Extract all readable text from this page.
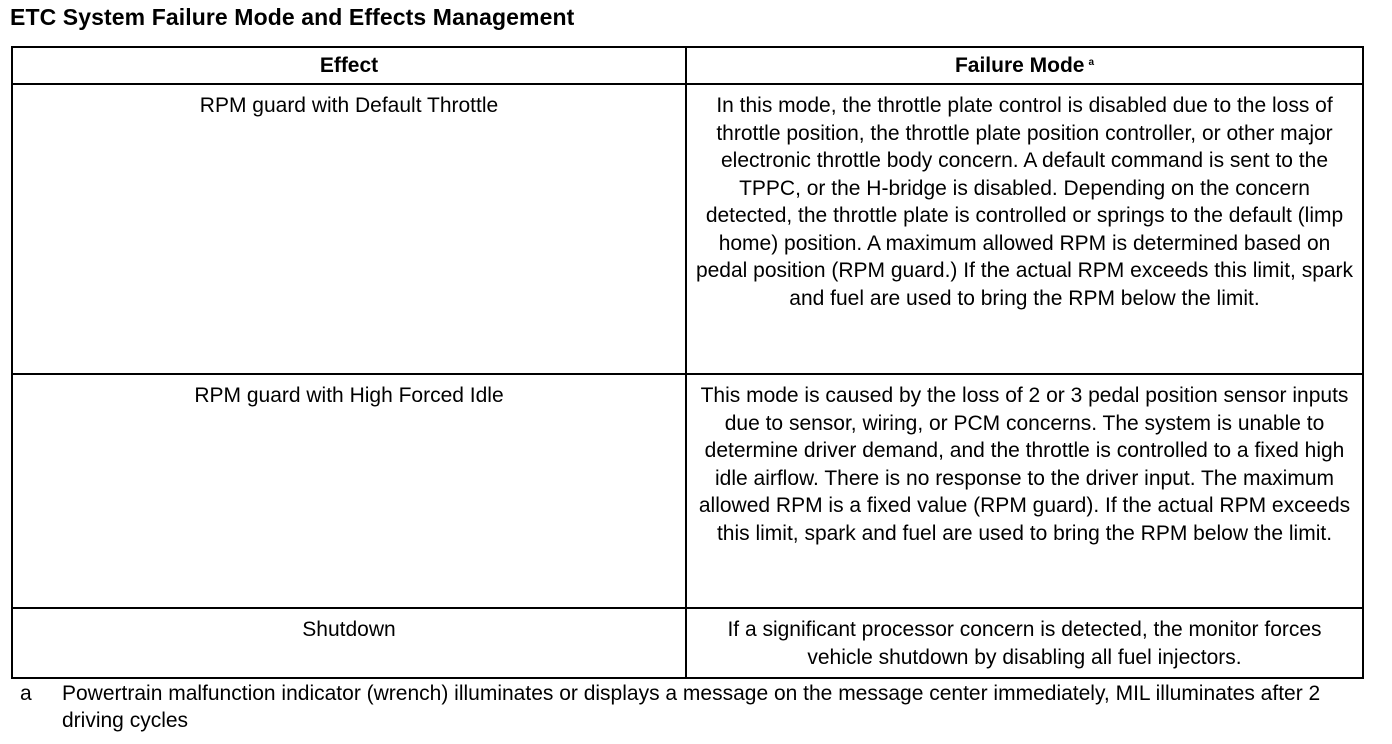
ETC System Failure Mode and Effects Management
Effect	Failure Mode $^a$

RPM guard with Default Throttle	In this mode, the throttle plate control is disabled due to the loss of throttle position, the throttle plate position controller, or other major electronic throttle body concern. A default command is sent to the TPPC, or the H-bridge is disabled. Depending on the concern detected, the throttle plate is controlled or springs to the default (limp home) position. A maximum allowed RPM is determined based on pedal position (RPM guard.) If the actual RPM exceeds this limit, spark and fuel are used to bring the RPM below the limit.

RPM guard with High Forced Idle	This mode is caused by the loss of 2 or 3 pedal position sensor inputs due to sensor, wiring, or PCM concerns. The system is unable to determine driver demand, and the throttle is controlled to a fixed high idle airflow. There is no response to the driver input. The maximum allowed RPM is a fixed value (RPM guard). If the actual RPM exceeds this limit, spark and fuel are used to bring the RPM below the limit.

Shutdown	If a significant processor concern is detected, the monitor forces vehicle shutdown by disabling all fuel injectors.
a Powertrain malfunction indicator (wrench) illuminates or displays a message on the message center immediately, MIL illuminates after 2 driving cycles
